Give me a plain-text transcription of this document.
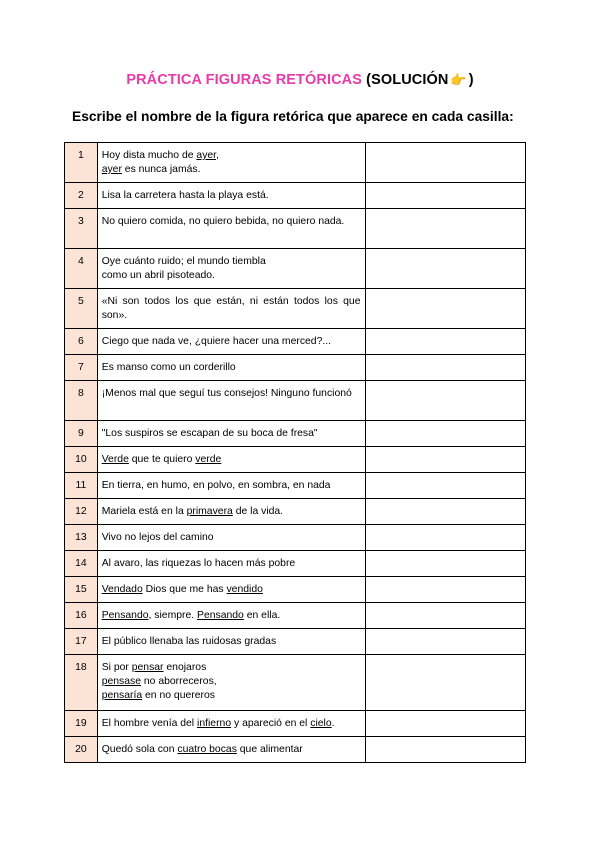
PRÁCTICA FIGURAS RETÓRICAS (SOLUCIÓN 👆 )
Escribe el nombre de la figura retórica que aparece en cada casilla:
1	Hoy dista mucho de ayer,
ayer es nunca jamás.	

2	Lisa la carretera hasta la playa está.	

3	No quiero comida, no quiero bebida, no quiero nada.	

4	Oye cuánto ruido; el mundo tiembla
como un abril pisoteado.	

5	«Ni son todos los que están, ni están todos los que son».	

6	Ciego que nada ve, ¿quiere hacer una merced?...	

7	Es manso como un corderillo	

8	¡Menos mal que seguí tus consejos! Ninguno funcionó	

9	"Los suspiros se escapan de su boca de fresa"	

10	Verde que te quiero verde	

11	En tierra, en humo, en polvo, en sombra, en nada	

12	Mariela está en la primavera de la vida.	

13	Vivo no lejos del camino	

14	Al avaro, las riquezas lo hacen más pobre	

15	Vendado Dios que me has vendido	

16	Pensando, siempre. Pensando en ella.	

17	El público llenaba las ruidosas gradas	

18	Si por pensar enojaros
pensase no aborreceros,
pensaría en no quereros	

19	El hombre venía del infierno y apareció en el cielo.	

20	Quedó sola con cuatro bocas que alimentar	
